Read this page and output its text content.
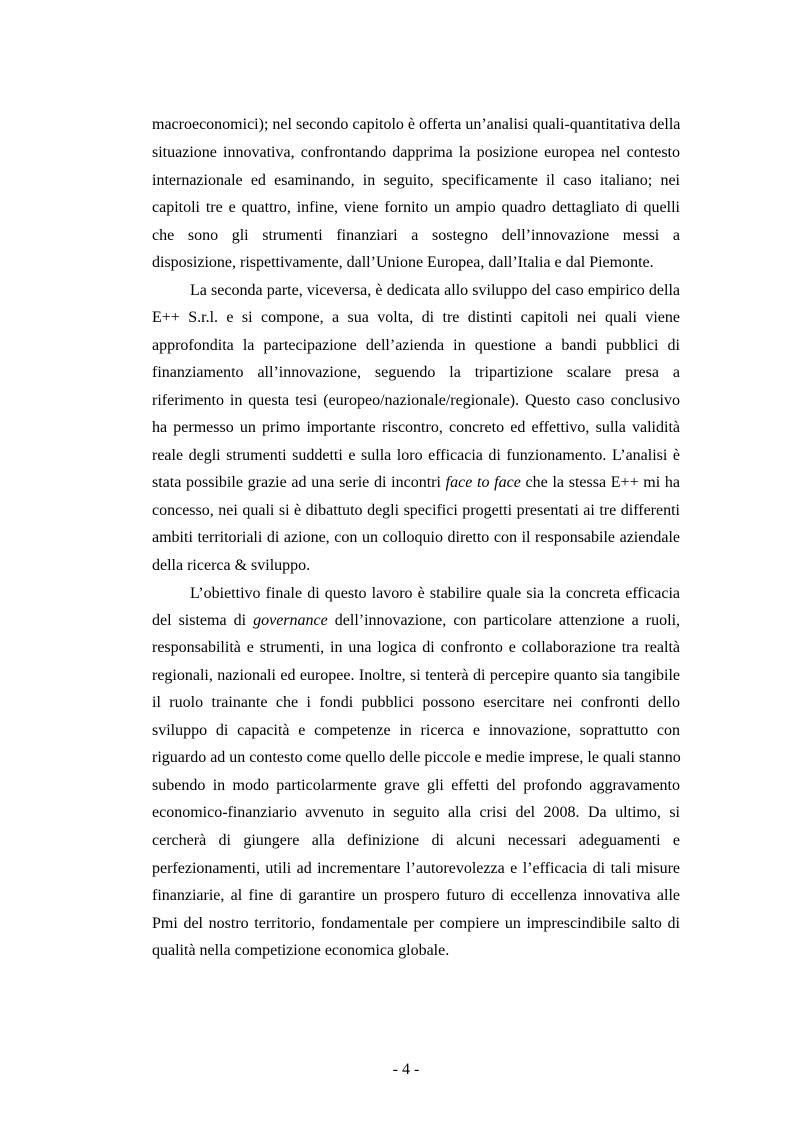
macroeconomici); nel secondo capitolo è offerta un’analisi quali-quantitativa della
situazione innovativa, confrontando dapprima la posizione europea nel contesto
internazionale ed esaminando, in seguito, specificamente il caso italiano; nei
capitoli tre e quattro, infine, viene fornito un ampio quadro dettagliato di quelli
che sono gli strumenti finanziari a sostegno dell’innovazione messi a
disposizione, rispettivamente, dall’Unione Europea, dall’Italia e dal Piemonte.
La seconda parte, viceversa, è dedicata allo sviluppo del caso empirico della
E++ S.r.l. e si compone, a sua volta, di tre distinti capitoli nei quali viene
approfondita la partecipazione dell’azienda in questione a bandi pubblici di
finanziamento all’innovazione, seguendo la tripartizione scalare presa a
riferimento in questa tesi (europeo/nazionale/regionale). Questo caso conclusivo
ha permesso un primo importante riscontro, concreto ed effettivo, sulla validità
reale degli strumenti suddetti e sulla loro efficacia di funzionamento. L’analisi è
stata possibile grazie ad una serie di incontri face to face che la stessa E++ mi ha
concesso, nei quali si è dibattuto degli specifici progetti presentati ai tre differenti
ambiti territoriali di azione, con un colloquio diretto con il responsabile aziendale
della ricerca & sviluppo.
L’obiettivo finale di questo lavoro è stabilire quale sia la concreta efficacia
del sistema di governance dell’innovazione, con particolare attenzione a ruoli,
responsabilità e strumenti, in una logica di confronto e collaborazione tra realtà
regionali, nazionali ed europee. Inoltre, si tenterà di percepire quanto sia tangibile
il ruolo trainante che i fondi pubblici possono esercitare nei confronti dello
sviluppo di capacità e competenze in ricerca e innovazione, soprattutto con
riguardo ad un contesto come quello delle piccole e medie imprese, le quali stanno
subendo in modo particolarmente grave gli effetti del profondo aggravamento
economico-finanziario avvenuto in seguito alla crisi del 2008. Da ultimo, si
cercherà di giungere alla definizione di alcuni necessari adeguamenti e
perfezionamenti, utili ad incrementare l’autorevolezza e l’efficacia di tali misure
finanziarie, al fine di garantire un prospero futuro di eccellenza innovativa alle
Pmi del nostro territorio, fondamentale per compiere un imprescindibile salto di
qualità nella competizione economica globale.
- 4 -
